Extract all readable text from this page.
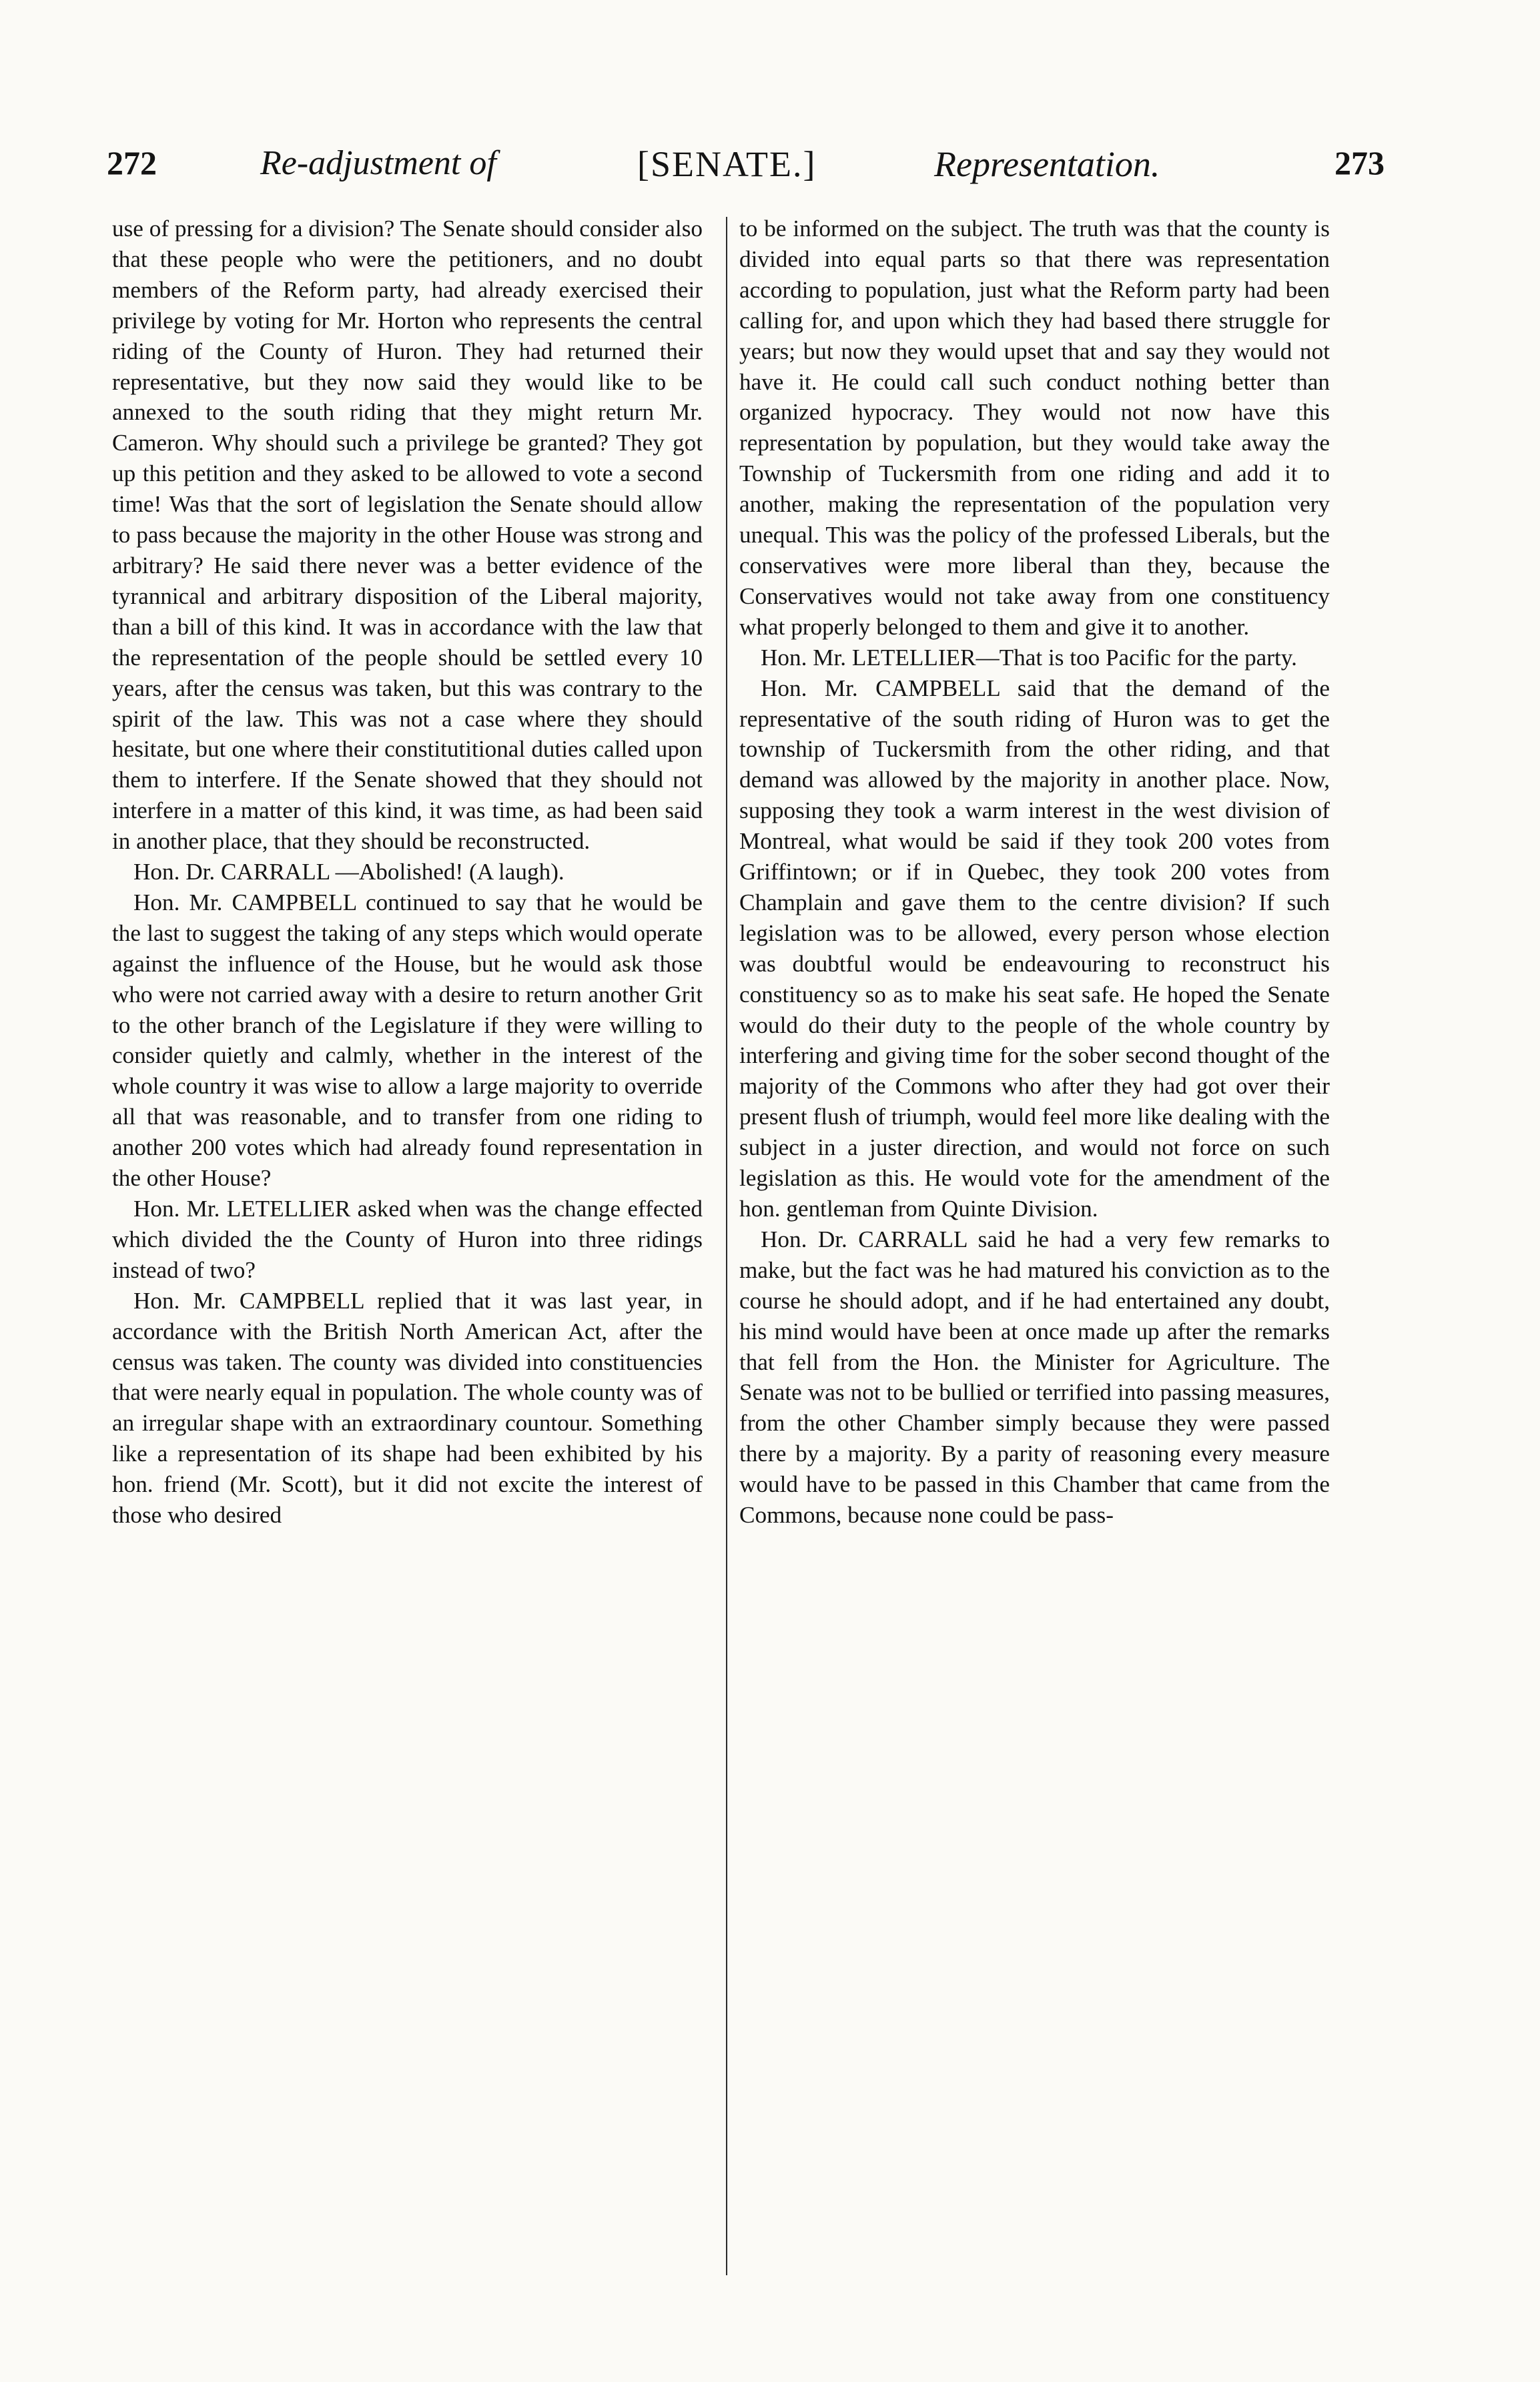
272	Re-adjustment of	[SENATE.]	Representation.	273

use of pressing for a division? The Senate should consider also that these people who were the petitioners, and no doubt members of the Reform party, had already exercised their privilege by voting for Mr. Horton who represents the central riding of the County of Huron. They had returned their representative, but they now said they would like to be annexed to the south riding that they might return Mr. Cameron. Why should such a privilege be granted? They got up this petition and they asked to be allowed to vote a second time! Was that the sort of legislation the Senate should allow to pass because the majority in the other House was strong and arbitrary? He said there never was a better evidence of the tyrannical and arbitrary disposition of the Liberal majority, than a bill of this kind. It was in accordance with the law that the representation of the people should be settled every 10 years, after the census was taken, but this was contrary to the spirit of the law. This was not a case where they should hesitate, but one where their constitutitional duties called upon them to interfere. If the Senate showed that they should not interfere in a matter of this kind, it was time, as had been said in another place, that they should be reconstructed.

Hon. Dr. CARRALL —Abolished! (A laugh).

Hon. Mr. CAMPBELL continued to say that he would be the last to suggest the taking of any steps which would operate against the influence of the House, but he would ask those who were not carried away with a desire to return another Grit to the other branch of the Legislature if they were willing to consider quietly and calmly, whether in the interest of the whole country it was wise to allow a large majority to override all that was reasonable, and to transfer from one riding to another 200 votes which had already found representation in the other House?

Hon. Mr. LETELLIER asked when was the change effected which divided the the County of Huron into three ridings instead of two?

Hon. Mr. CAMPBELL replied that it was last year, in accordance with the British North American Act, after the census was taken. The county was divided into constituencies that were nearly equal in population. The whole county was of an irregular shape with an extraordinary countour. Something like a representation of its shape had been exhibited by his hon. friend (Mr. Scott), but it did not excite the interest of those who desired

to be informed on the subject. The truth was that the county is divided into equal parts so that there was representation according to population, just what the Reform party had been calling for, and upon which they had based there struggle for years; but now they would upset that and say they would not have it. He could call such conduct nothing better than organized hypocracy. They would not now have this representation by population, but they would take away the Township of Tuckersmith from one riding and add it to another, making the representation of the population very unequal. This was the policy of the professed Liberals, but the conservatives were more liberal than they, because the Conservatives would not take away from one constituency what properly belonged to them and give it to another.

Hon. Mr. LETELLIER—That is too Pacific for the party.

Hon. Mr. CAMPBELL said that the demand of the representative of the south riding of Huron was to get the township of Tuckersmith from the other riding, and that demand was allowed by the majority in another place. Now, supposing they took a warm interest in the west division of Montreal, what would be said if they took 200 votes from Griffintown; or if in Quebec, they took 200 votes from Champlain and gave them to the centre division? If such legislation was to be allowed, every person whose election was doubtful would be endeavouring to reconstruct his constituency so as to make his seat safe. He hoped the Senate would do their duty to the people of the whole country by interfering and giving time for the sober second thought of the majority of the Commons who after they had got over their present flush of triumph, would feel more like dealing with the subject in a juster direction, and would not force on such legislation as this. He would vote for the amendment of the hon. gentleman from Quinte Division.

Hon. Dr. CARRALL said he had a very few remarks to make, but the fact was he had matured his conviction as to the course he should adopt, and if he had entertained any doubt, his mind would have been at once made up after the remarks that fell from the Hon. the Minister for Agriculture. The Senate was not to be bullied or terrified into passing measures, from the other Chamber simply because they were passed there by a majority. By a parity of reasoning every measure would have to be passed in this Chamber that came from the Commons, because none could be pass-
